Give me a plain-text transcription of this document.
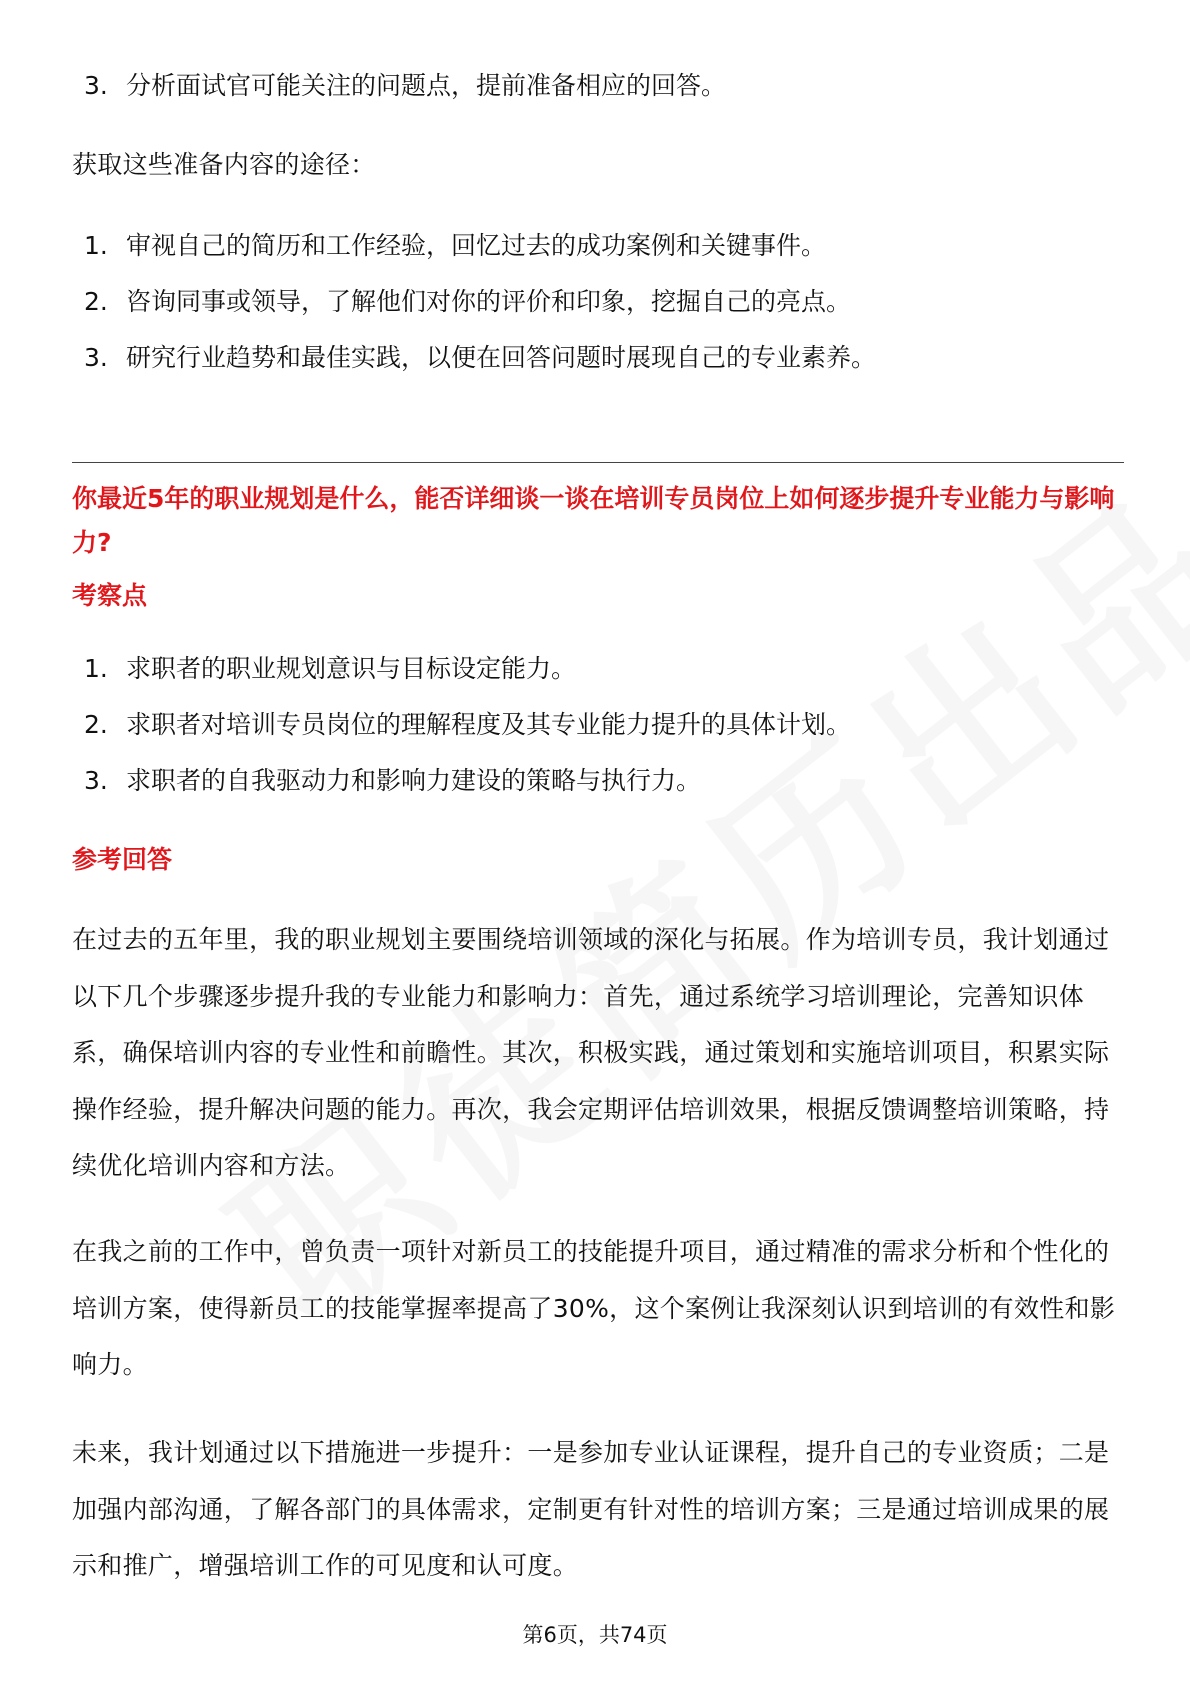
3. 分析面试官可能关注的问题点，提前准备相应的回答。

获取这些准备内容的途径：

1. 审视自己的简历和工作经验，回忆过去的成功案例和关键事件。
2. 咨询同事或领导，了解他们对你的评价和印象，挖掘自己的亮点。
3. 研究行业趋势和最佳实践，以便在回答问题时展现自己的专业素养。

你最近5年的职业规划是什么，能否详细谈一谈在培训专员岗位上如何逐步提升专业能力与影响力?

考察点

1. 求职者的职业规划意识与目标设定能力。
2. 求职者对培训专员岗位的理解程度及其专业能力提升的具体计划。
3. 求职者的自我驱动力和影响力建设的策略与执行力。

参考回答

在过去的五年里，我的职业规划主要围绕培训领域的深化与拓展。作为培训专员，我计划通过以下几个步骤逐步提升我的专业能力和影响力：首先，通过系统学习培训理论，完善知识体系，确保培训内容的专业性和前瞻性。其次，积极实践，通过策划和实施培训项目，积累实际操作经验，提升解决问题的能力。再次，我会定期评估培训效果，根据反馈调整培训策略，持续优化培训内容和方法。

在我之前的工作中，曾负责一项针对新员工的技能提升项目，通过精准的需求分析和个性化的培训方案，使得新员工的技能掌握率提高了30%，这个案例让我深刻认识到培训的有效性和影响力。

未来，我计划通过以下措施进一步提升：一是参加专业认证课程，提升自己的专业资质；二是加强内部沟通，了解各部门的具体需求，定制更有针对性的培训方案；三是通过培训成果的展示和推广，增强培训工作的可见度和认可度。

第6页，共74页
